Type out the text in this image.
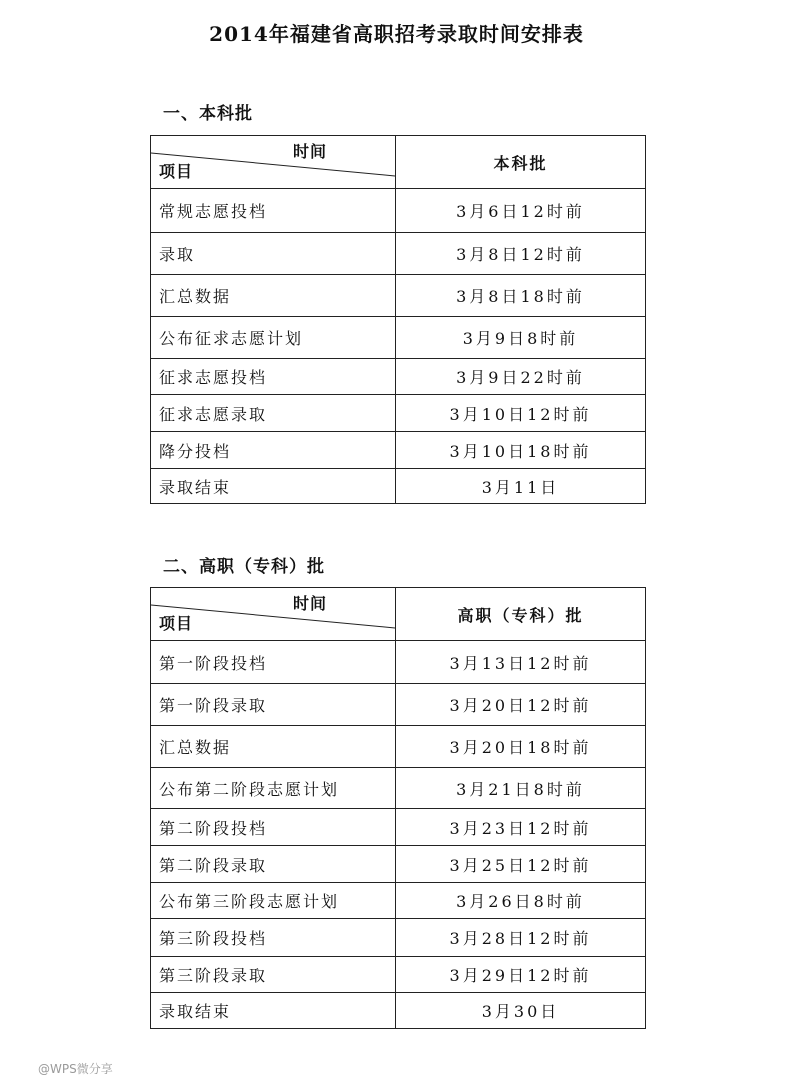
2014年福建省高职招考录取时间安排表
一、本科批
时间
项目	本科批
常规志愿投档	3月6日12时前
录取	3月8日12时前
汇总数据	3月8日18时前
公布征求志愿计划	3月9日8时前
征求志愿投档	3月9日22时前
征求志愿录取	3月10日12时前
降分投档	3月10日18时前
录取结束	3月11日
二、高职（专科）批
时间
项目	高职（专科）批
第一阶段投档	3月13日12时前
第一阶段录取	3月20日12时前
汇总数据	3月20日18时前
公布第二阶段志愿计划	3月21日8时前
第二阶段投档	3月23日12时前
第二阶段录取	3月25日12时前
公布第三阶段志愿计划	3月26日8时前
第三阶段投档	3月28日12时前
第三阶段录取	3月29日12时前
录取结束	3月30日
@WPS微分享
